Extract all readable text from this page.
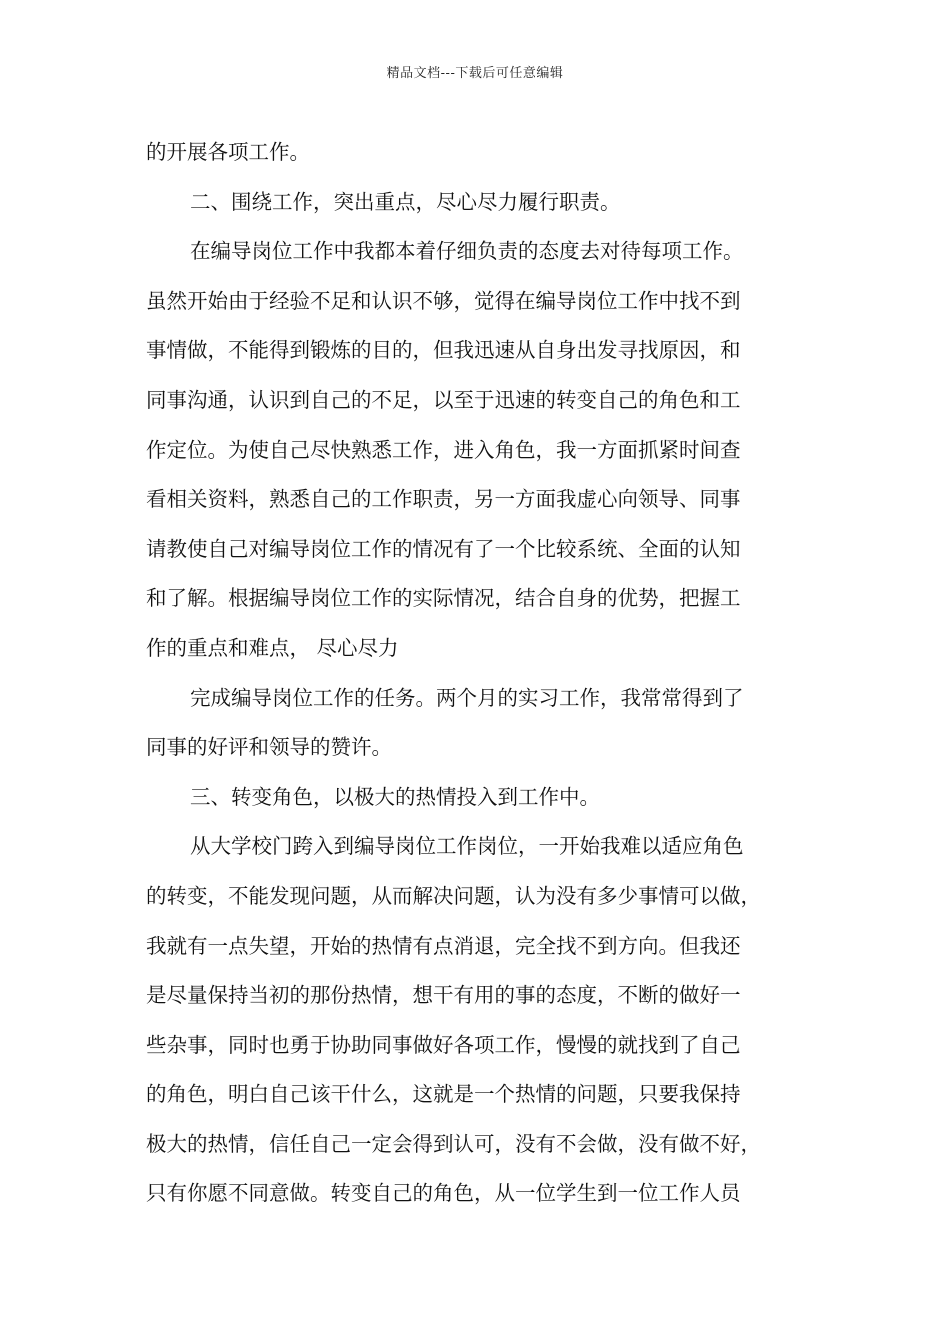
精品文档---下载后可任意编辑
的开展各项工作。
二、围绕工作，突出重点，尽心尽力履行职责。
在编导岗位工作中我都本着仔细负责的态度去对待每项工作。
虽然开始由于经验不足和认识不够，觉得在编导岗位工作中找不到
事情做，不能得到锻炼的目的，但我迅速从自身出发寻找原因，和
同事沟通，认识到自己的不足，以至于迅速的转变自己的角色和工
作定位。为使自己尽快熟悉工作，进入角色，我一方面抓紧时间查
看相关资料，熟悉自己的工作职责，另一方面我虚心向领导、同事
请教使自己对编导岗位工作的情况有了一个比较系统、全面的认知
和了解。根据编导岗位工作的实际情况，结合自身的优势，把握工
作的重点和难点， 尽心尽力
完成编导岗位工作的任务。两个月的实习工作，我常常得到了
同事的好评和领导的赞许。
三、转变角色，以极大的热情投入到工作中。
从大学校门跨入到编导岗位工作岗位，一开始我难以适应角色
的转变，不能发现问题，从而解决问题，认为没有多少事情可以做，
我就有一点失望，开始的热情有点消退，完全找不到方向。但我还
是尽量保持当初的那份热情，想干有用的事的态度，不断的做好一
些杂事，同时也勇于协助同事做好各项工作，慢慢的就找到了自己
的角色，明白自己该干什么，这就是一个热情的问题，只要我保持
极大的热情，信任自己一定会得到认可，没有不会做，没有做不好，
只有你愿不同意做。转变自己的角色，从一位学生到一位工作人员
